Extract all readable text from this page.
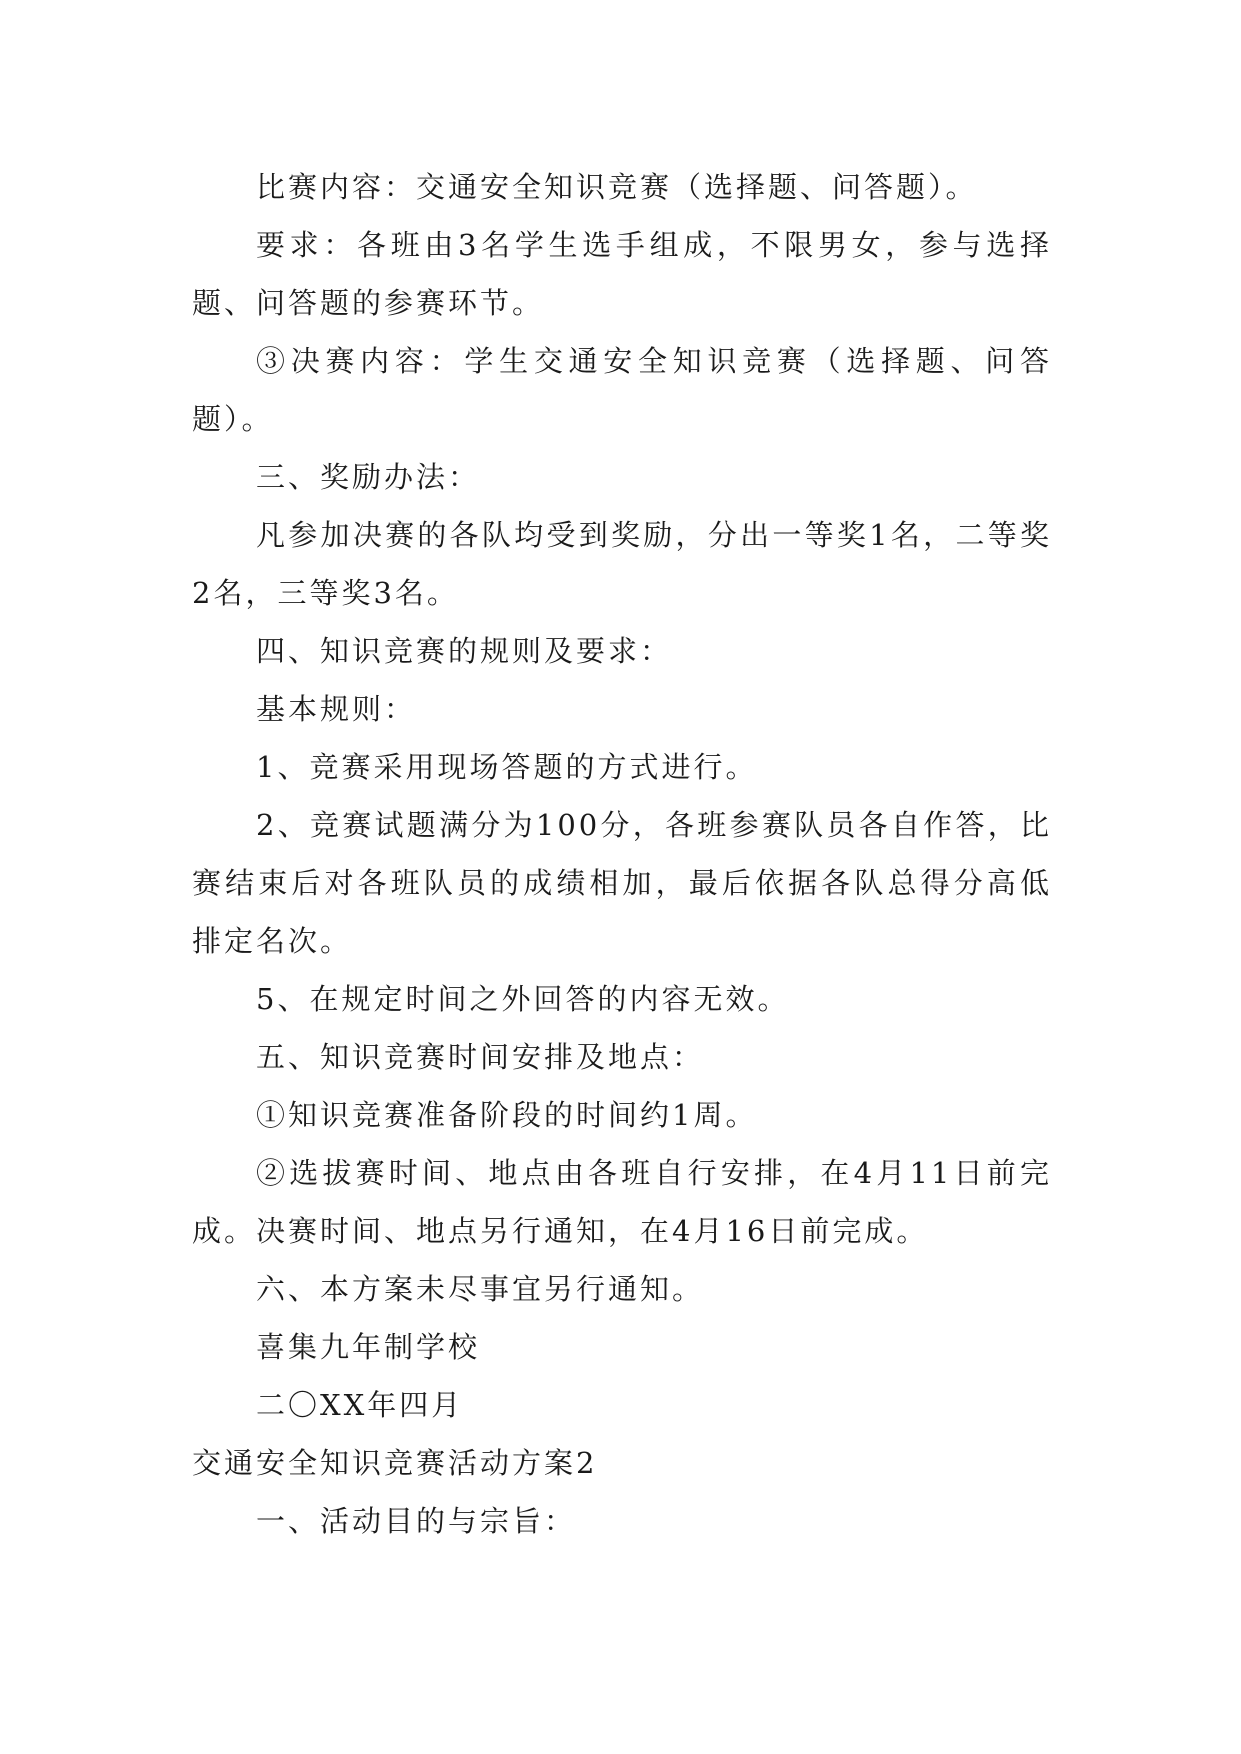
比赛内容：交通安全知识竞赛（选择题、问答题）。

要求：各班由3名学生选手组成，不限男女，参与选择题、问答题的参赛环节。

③决赛内容：学生交通安全知识竞赛（选择题、问答题）。

三、奖励办法：

凡参加决赛的各队均受到奖励，分出一等奖1名，二等奖2名，三等奖3名。

四、知识竞赛的规则及要求：

基本规则：

1、竞赛采用现场答题的方式进行。

2、竞赛试题满分为100分，各班参赛队员各自作答，比赛结束后对各班队员的成绩相加，最后依据各队总得分高低排定名次。

5、在规定时间之外回答的内容无效。

五、知识竞赛时间安排及地点：

①知识竞赛准备阶段的时间约1周。

②选拔赛时间、地点由各班自行安排，在4月11日前完成。决赛时间、地点另行通知，在4月16日前完成。

六、本方案未尽事宜另行通知。

喜集九年制学校

二〇XX年四月

交通安全知识竞赛活动方案2

一、活动目的与宗旨：
